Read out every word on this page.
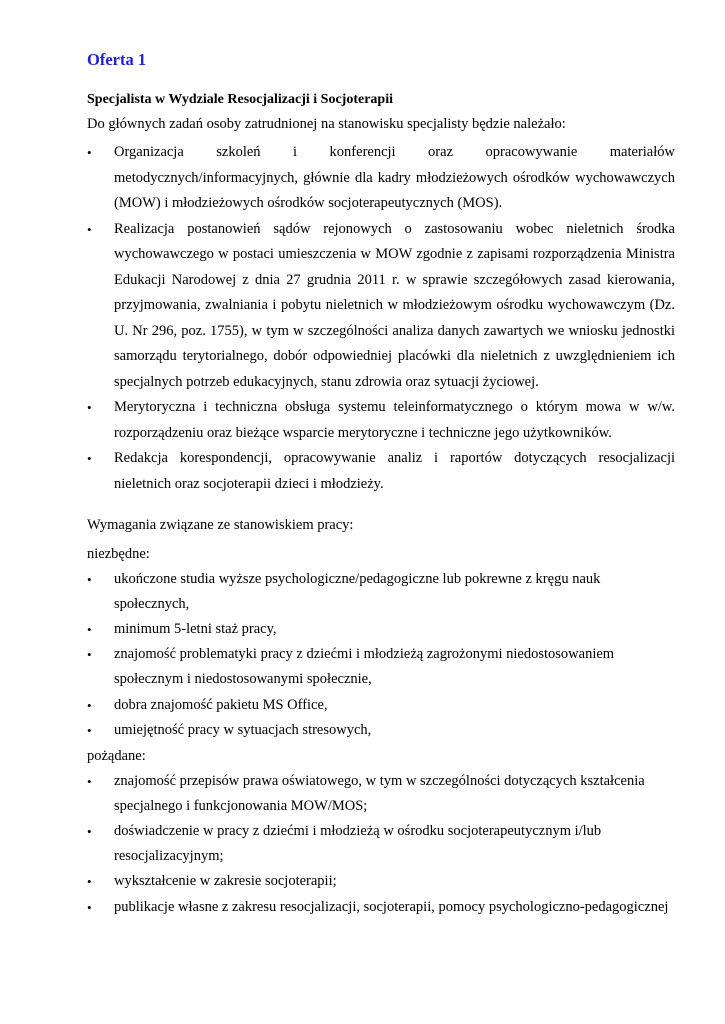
Oferta 1
Specjalista w Wydziale Resocjalizacji i Socjoterapii
Do głównych zadań osoby zatrudnionej na stanowisku specjalisty będzie należało:
• Organizacja szkoleń i konferencji oraz opracowywanie materiałów metodycznych/informacyjnych, głównie dla kadry młodzieżowych ośrodków wychowawczych (MOW) i młodzieżowych ośrodków socjoterapeutycznych (MOS).
• Realizacja postanowień sądów rejonowych o zastosowaniu wobec nieletnich środka wychowawczego w postaci umieszczenia w MOW zgodnie z zapisami rozporządzenia Ministra Edukacji Narodowej z dnia 27 grudnia 2011 r. w sprawie szczegółowych zasad kierowania, przyjmowania, zwalniania i pobytu nieletnich w młodzieżowym ośrodku wychowawczym (Dz. U. Nr 296, poz. 1755), w tym w szczególności analiza danych zawartych we wniosku jednostki samorządu terytorialnego, dobór odpowiedniej placówki dla nieletnich z uwzględnieniem ich specjalnych potrzeb edukacyjnych, stanu zdrowia oraz sytuacji życiowej.
• Merytoryczna i techniczna obsługa systemu teleinformatycznego o którym mowa w w/w. rozporządzeniu oraz bieżące wsparcie merytoryczne i techniczne jego użytkowników.
• Redakcja korespondencji, opracowywanie analiz i raportów dotyczących resocjalizacji nieletnich oraz socjoterapii dzieci i młodzieży.
Wymagania związane ze stanowiskiem pracy:

niezbędne:

• ukończone studia wyższe psychologiczne/pedagogiczne lub pokrewne z kręgu nauk
społecznych,
• minimum 5-letni staż pracy,
• znajomość problematyki pracy z dziećmi i młodzieżą zagrożonymi niedostosowaniem
społecznym i niedostosowanymi społecznie,
• dobra znajomość pakietu MS Office,
• umiejętność pracy w sytuacjach stresowych,

pożądane:

• znajomość przepisów prawa oświatowego, w tym w szczególności dotyczących kształcenia
specjalnego i funkcjonowania MOW/MOS;
• doświadczenie w pracy z dziećmi i młodzieżą w ośrodku socjoterapeutycznym i/lub
resocjalizacyjnym;
• wykształcenie w zakresie socjoterapii;
• publikacje własne z zakresu resocjalizacji, socjoterapii, pomocy psychologiczno-pedagogicznej
